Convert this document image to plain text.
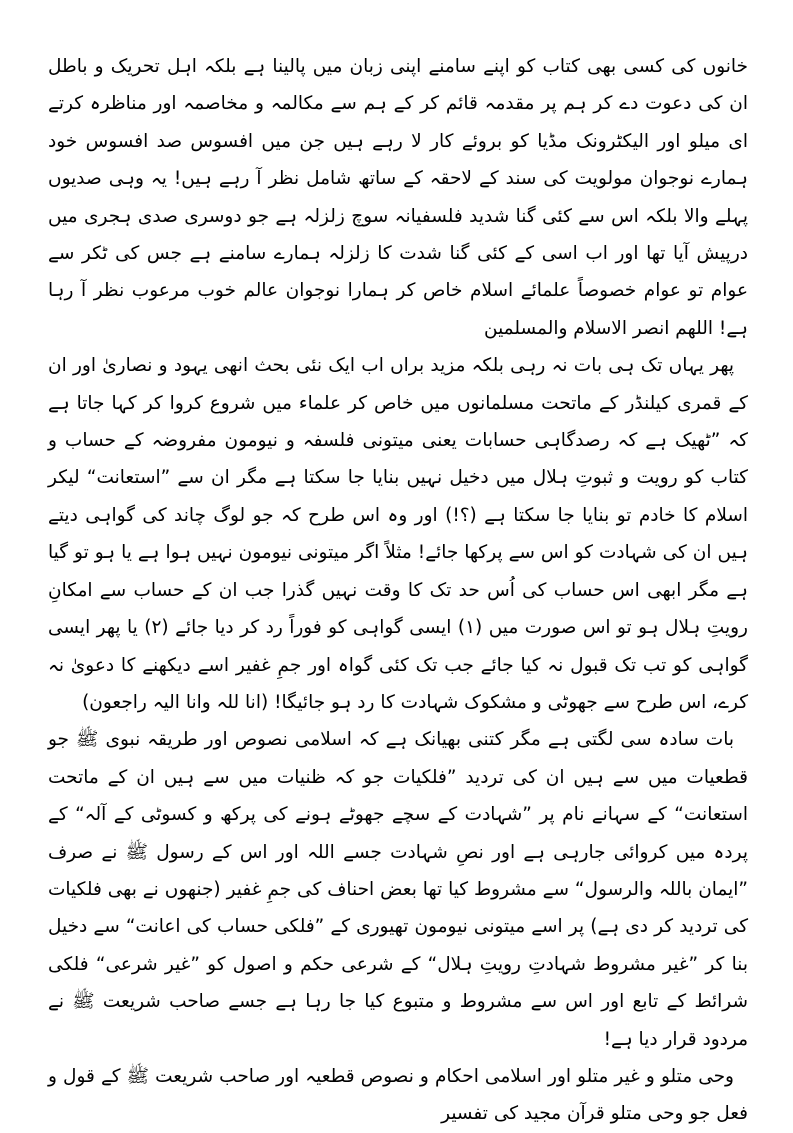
خانوں کی کسی بھی کتاب کو اپنے سامنے اپنی زبان میں پالینا ہے بلکہ اہل تحریک و باطل ان کی دعوت دے کر ہم پر مقدمہ قائم کر کے ہم سے مکالمہ و مخاصمہ اور مناظرہ کرتے ای میلو اور الیکٹرونک مڈیا کو بروئے کار لا رہے ہیں جن میں افسوس صد افسوس خود ہمارے نوجوان مولویت کی سند کے لاحقہ کے ساتھ شامل نظر آ رہے ہیں! یہ وہی صدیوں پہلے والا بلکہ اس سے کئی گنا شدید فلسفیانہ سوچ زلزلہ ہے جو دوسری صدی ہجری میں درپیش آیا تھا اور اب اسی کے کئی گنا شدت کا زلزلہ ہمارے سامنے ہے جس کی ٹکر سے عوام تو عوام خصوصاً علمائے اسلام خاص کر ہمارا نوجوان عالم خوب مرعوب نظر آ رہا ہے! اللھم انصر الاسلام والمسلمین

پھر یہاں تک ہی بات نہ رہی بلکہ مزید براں اب ایک نئی بحث انھی یہود و نصاریٰ اور ان کے قمری کیلنڈر کے ماتحت مسلمانوں میں خاص کر علماء میں شروع کروا کر کہا جاتا ہے کہ ”ٹھیک ہے کہ رصدگاہی حسابات یعنی میتونی فلسفہ و نیومون مفروضہ کے حساب و کتاب کو رویت و ثبوتِ ہلال میں دخیل نہیں بنایا جا سکتا ہے مگر ان سے ”استعانت“ لیکر اسلام کا خادم تو بنایا جا سکتا ہے (؟!) اور وہ اس طرح کہ جو لوگ چاند کی گواہی دیتے ہیں ان کی شہادت کو اس سے پرکھا جائے! مثلاً اگر میتونی نیومون نہیں ہوا ہے یا ہو تو گیا ہے مگر ابھی اس حساب کی اُس حد تک کا وقت نہیں گذرا جب ان کے حساب سے امکانِ رویتِ ہلال ہو تو اس صورت میں (۱) ایسی گواہی کو فوراً رد کر دیا جائے (۲) یا پھر ایسی گواہی کو تب تک قبول نہ کیا جائے جب تک کئی گواہ اور جمِ غفیر اسے دیکھنے کا دعویٰ نہ کرے، اس طرح سے جھوٹی و مشکوک شہادت کا رد ہو جائیگا! (انا للہ وانا الیہ راجعون)

بات سادہ سی لگتی ہے مگر کتنی بھیانک ہے کہ اسلامی نصوص اور طریقہ نبوی ﷺ جو قطعیات میں سے ہیں ان کی تردید ”فلکیات جو کہ ظنیات میں سے ہیں ان کے ماتحت استعانت“ کے سہانے نام پر ”شہادت کے سچے جھوٹے ہونے کی پرکھ و کسوٹی کے آلہ“ کے پردہ میں کروائی جارہی ہے اور نصِ شہادت جسے اللہ اور اس کے رسول ﷺ نے صرف ”ایمان باللہ والرسول“ سے مشروط کیا تھا بعض احناف کی جمِ غفیر (جنھوں نے بھی فلکیات کی تردید کر دی ہے) پر اسے میتونی نیومون تھیوری کے ”فلکی حساب کی اعانت“ سے دخیل بنا کر ”غیر مشروط شہادتِ رویتِ ہلال“ کے شرعی حکم و اصول کو ”غیر شرعی“ فلکی شرائط کے تابع اور اس سے مشروط و متبوع کیا جا رہا ہے جسے صاحب شریعت ﷺ نے مردود قرار دیا ہے!

وحی متلو و غیر متلو اور اسلامی احکام و نصوص قطعیہ اور صاحب شریعت ﷺ کے قول و فعل جو وحی متلو قرآن مجید کی تفسیر
